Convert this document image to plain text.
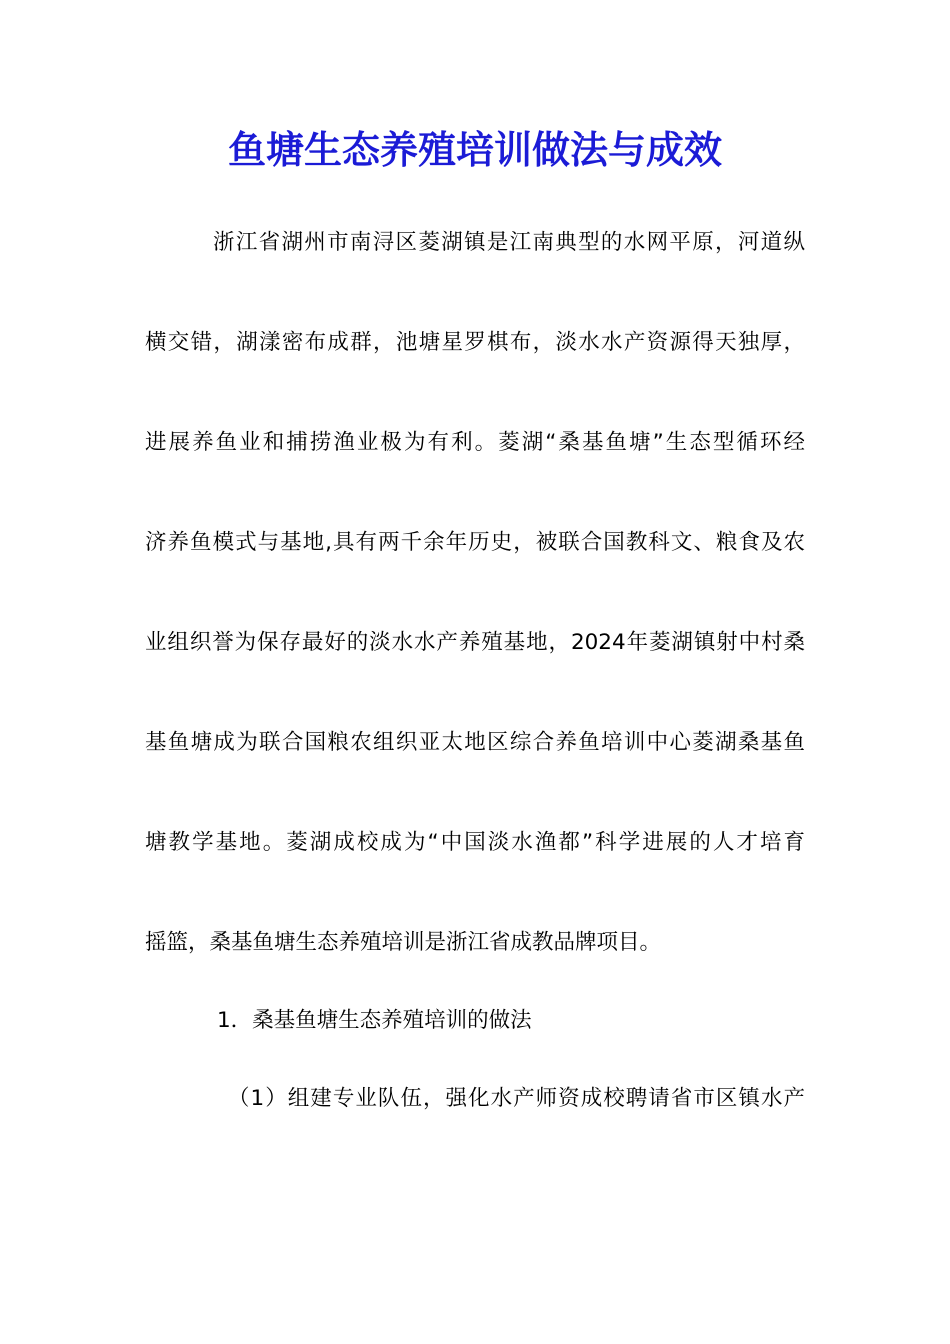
鱼塘生态养殖培训做法与成效
浙江省湖州市南浔区菱湖镇是江南典型的水网平原，河道纵
横交错，湖漾密布成群，池塘星罗棋布，淡水水产资源得天独厚，
进展养鱼业和捕捞渔业极为有利。菱湖“桑基鱼塘”生态型循环经
济养鱼模式与基地,具有两千余年历史，被联合国教科文、粮食及农
业组织誉为保存最好的淡水水产养殖基地，2024年菱湖镇射中村桑
基鱼塘成为联合国粮农组织亚太地区综合养鱼培训中心菱湖桑基鱼
塘教学基地。菱湖成校成为“中国淡水渔都”科学进展的人才培育
摇篮，桑基鱼塘生态养殖培训是浙江省成教品牌项目。
1．桑基鱼塘生态养殖培训的做法
（1）组建专业队伍，强化水产师资成校聘请省市区镇水产
